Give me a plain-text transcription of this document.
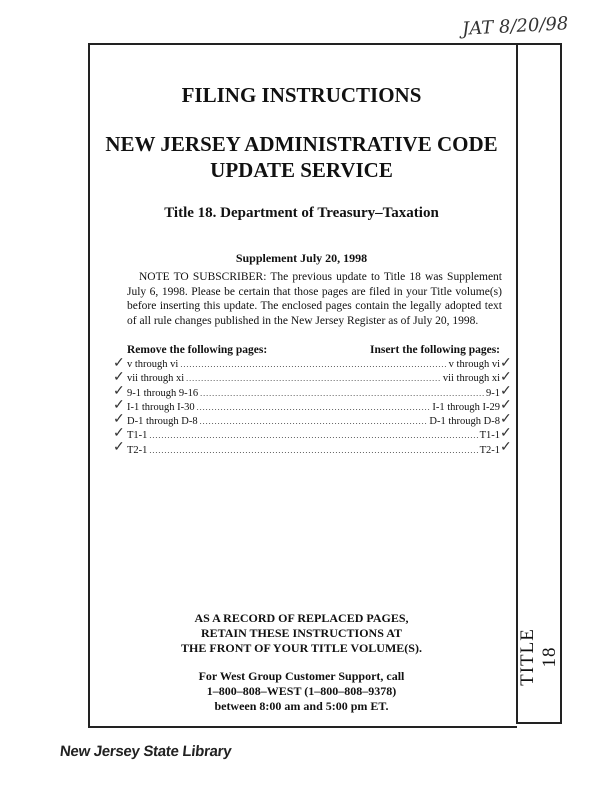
TITLE 18
JAT 8/20/98
FILING INSTRUCTIONS
NEW JERSEY ADMINISTRATIVE CODE
UPDATE SERVICE
Title 18. Department of Treasury–Taxation
Supplement July 20, 1998
NOTE TO SUBSCRIBER: The previous update to Title 18 was Supplement July 6, 1998. Please be certain that those pages are filed in your Title volume(s) before inserting this update. The enclosed pages contain the legally adopted text of all rule changes published in the New Jersey Register as of July 20, 1998.
Remove the following pages:	Insert the following pages:
v through vi .....	v through vi
vii through xi .....	vii through xi
9-1 through 9-16 .....	9-1
I-1 through I-30 .....	I-1 through I-29
D-1 through D-8 .....	D-1 through D-8
T1-1 .....	T1-1
T2-1 .....	T2-1
✓
✓
✓
✓
✓
✓
✓
✓
✓
✓
✓
✓
✓
✓
AS A RECORD OF REPLACED PAGES,
RETAIN THESE INSTRUCTIONS AT
THE FRONT OF YOUR TITLE VOLUME(S).
For West Group Customer Support, call
1–800–808–WEST (1–800–808–9378)
between 8:00 am and 5:00 pm ET.
New Jersey State Library
